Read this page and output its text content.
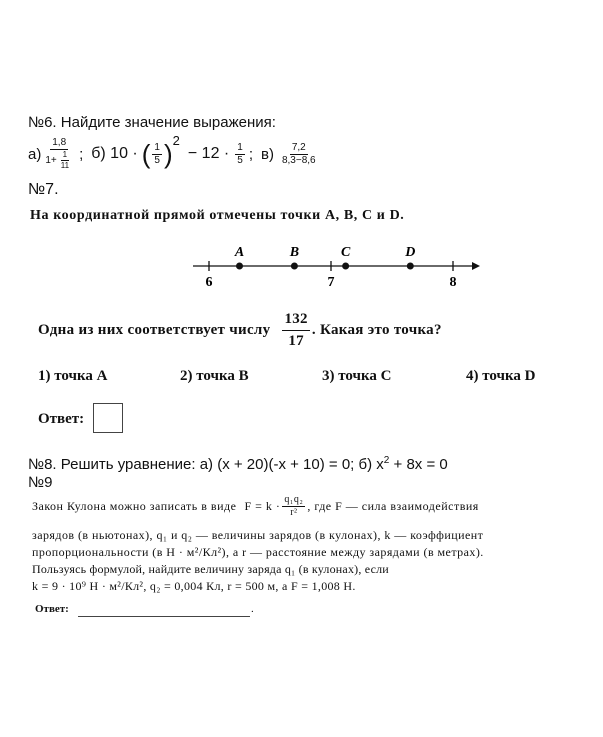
№6. Найдите значение выражения:
$а) \frac{1,8}{1+ \frac{1}{11}}$ ; б) 10 · ( $\frac{1}{5}$ ) 2
− $12 \cdot \frac{1}{5}$ ; $в) \frac{7,2}{8,3-8,6}$
№7.
На координатной прямой отмечены точки A, B, C и D.
6	7	8
A	B	C	D
Одна из них соответствует числу $\frac{132}{17}$ . Какая это точка?
1) точка A	2) точка B	3) точка C	4) точка D
Ответ:
№8. Решить уравнение: а) (x + 20)(-x + 10) = 0; б) $x^2 + 8x = 0$
№9
Закон Кулона можно записать в виде $F = k \cdot \frac{\text{q₁q₂}}{\text{r²}}$ , где F — сила взаимодействия
зарядов (в ньютонах), q₁ и q₂ — величины зарядов (в кулонах), k — коэффициент
пропорциональности (в Н · м²/Кл²), а r — расстояние между зарядами (в метрах).
Пользуясь формулой, найдите величину заряда q₁ (в кулонах), если
k = 9 · 10⁹ Н · м²/Кл², q₂ = 0,004 Кл, r = 500 м, а F = 1,008 Н.
Ответ:	.
